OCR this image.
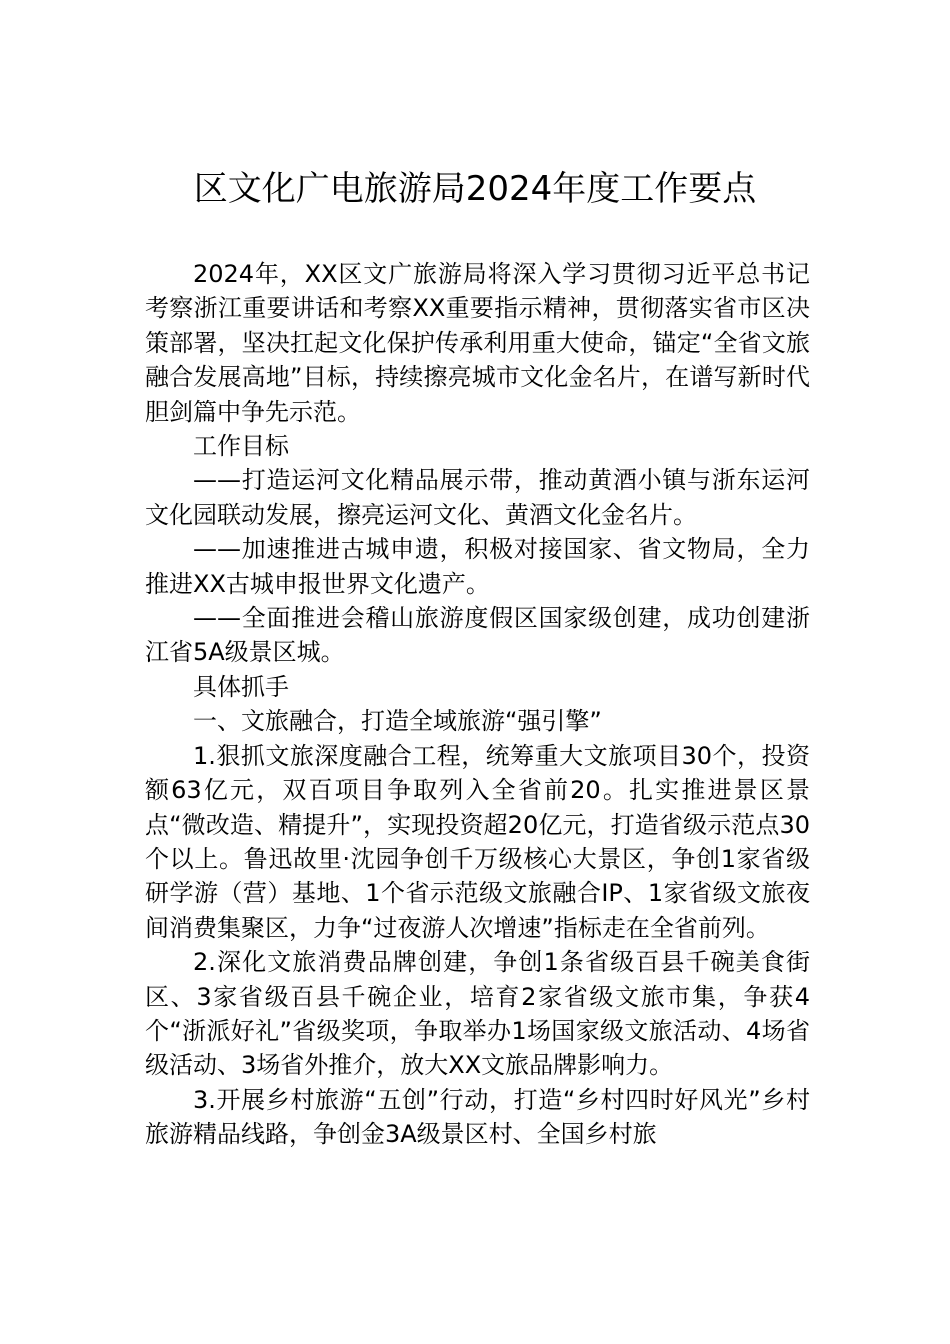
区文化广电旅游局2024年度工作要点

2024年，XX区文广旅游局将深入学习贯彻习近平总书记考察浙江重要讲话和考察XX重要指示精神，贯彻落实省市区决策部署，坚决扛起文化保护传承利用重大使命，锚定“全省文旅融合发展高地”目标，持续擦亮城市文化金名片，在谱写新时代胆剑篇中争先示范。

工作目标

——打造运河文化精品展示带，推动黄酒小镇与浙东运河文化园联动发展，擦亮运河文化、黄酒文化金名片。

——加速推进古城申遗，积极对接国家、省文物局，全力推进XX古城申报世界文化遗产。

——全面推进会稽山旅游度假区国家级创建，成功创建浙江省5A级景区城。

具体抓手

一、文旅融合，打造全域旅游“强引擎”

1.狠抓文旅深度融合工程，统筹重大文旅项目30个，投资额63亿元，双百项目争取列入全省前20。扎实推进景区景点“微改造、精提升”，实现投资超20亿元，打造省级示范点30个以上。鲁迅故里·沈园争创千万级核心大景区，争创1家省级研学游（营）基地、1个省示范级文旅融合IP、1家省级文旅夜间消费集聚区，力争“过夜游人次增速”指标走在全省前列。

2.深化文旅消费品牌创建，争创1条省级百县千碗美食街区、3家省级百县千碗企业，培育2家省级文旅市集，争获4个“浙派好礼”省级奖项，争取举办1场国家级文旅活动、4场省级活动、3场省外推介，放大XX文旅品牌影响力。

3.开展乡村旅游“五创”行动，打造“乡村四时好风光”乡村旅游精品线路，争创金3A级景区村、全国乡村旅
